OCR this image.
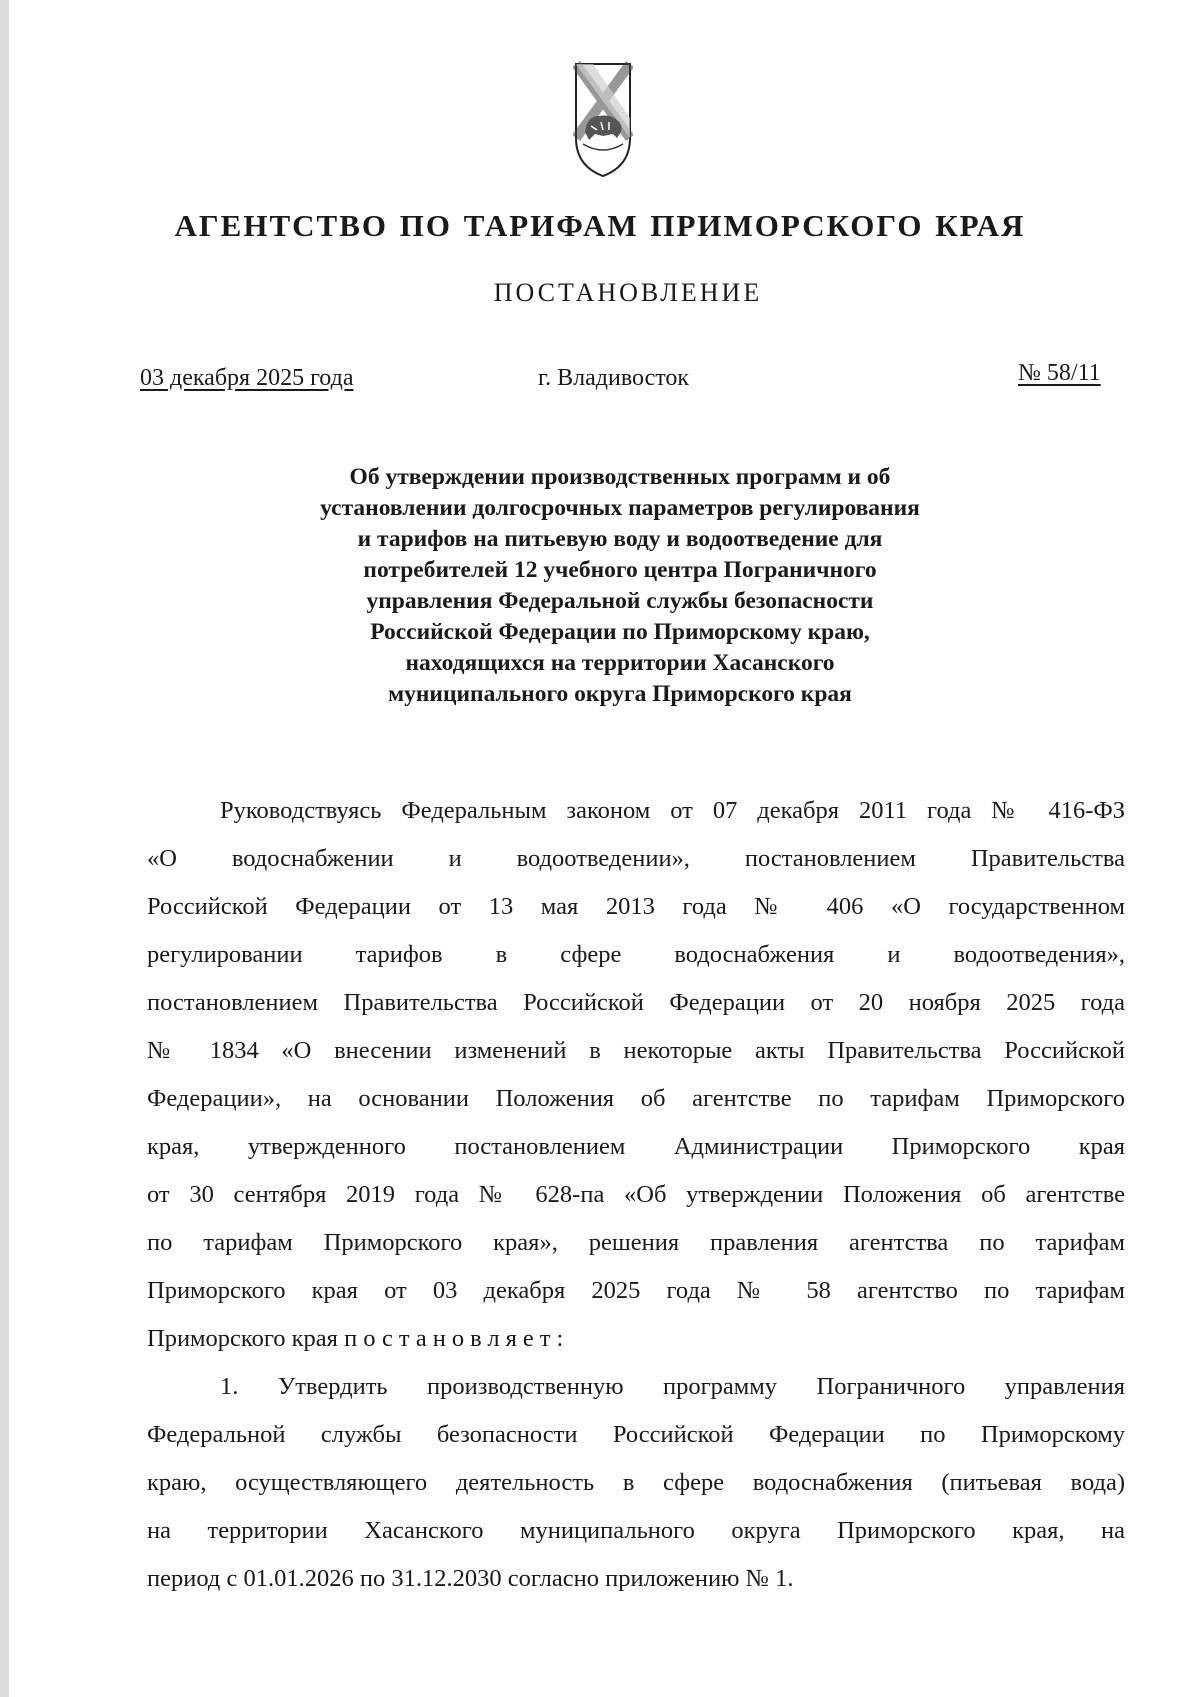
АГЕНТСТВО ПО ТАРИФАМ ПРИМОРСКОГО КРАЯ
ПОСТАНОВЛЕНИЕ
03 декабря 2025 года	г. Владивосток	№ 58/11
Об утверждении производственных программ и об
установлении долгосрочных параметров регулирования
и тарифов на питьевую воду и водоотведение для
потребителей 12 учебного центра Пограничного
управления Федеральной службы безопасности
Российской Федерации по Приморскому краю,
находящихся на территории Хасанского
муниципального округа Приморского края
Руководствуясь Федеральным законом от 07 декабря 2011 года № 416-ФЗ
«О водоснабжении и водоотведении», постановлением Правительства
Российской Федерации от 13 мая 2013 года № 406 «О государственном
регулировании тарифов в сфере водоснабжения и водоотведения»,
постановлением Правительства Российской Федерации от 20 ноября 2025 года
№ 1834 «О внесении изменений в некоторые акты Правительства Российской
Федерации», на основании Положения об агентстве по тарифам Приморского
края, утвержденного постановлением Администрации Приморского края
от 30 сентября 2019 года № 628-па «Об утверждении Положения об агентстве
по тарифам Приморского края», решения правления агентства по тарифам
Приморского края от 03 декабря 2025 года № 58 агентство по тарифам
Приморского края постановляет:
1. Утвердить производственную программу Пограничного управления
Федеральной службы безопасности Российской Федерации по Приморскому
краю, осуществляющего деятельность в сфере водоснабжения (питьевая вода)
на территории Хасанского муниципального округа Приморского края, на
период с 01.01.2026 по 31.12.2030 согласно приложению № 1.
